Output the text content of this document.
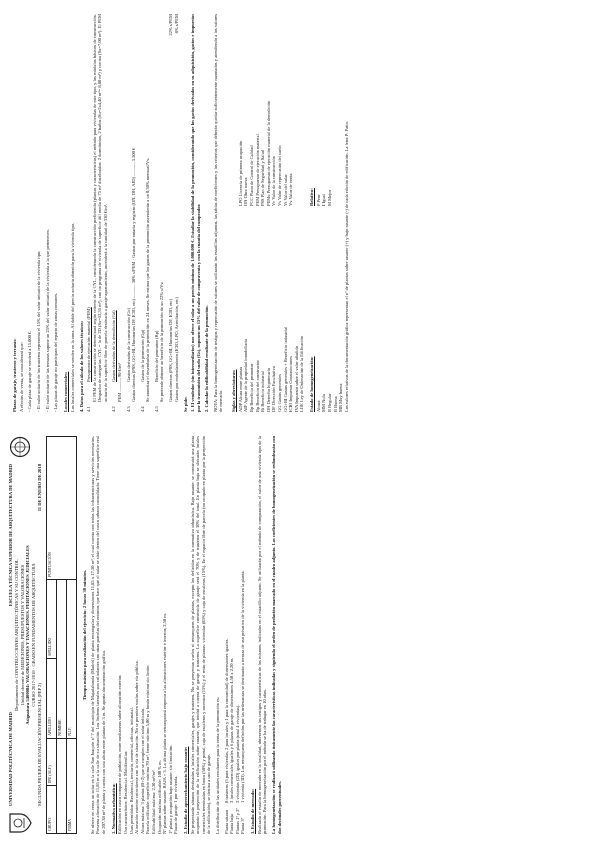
UNIVERSIDAD POLITÉCNICA DE MADRID
ESCUELA TÉCNICA SUPERIOR DE ARQUITECTURA DE MADRID
Departamento de CONSTRUCCIONES ARQUITECTÓNICAS Y SU CONTROL Unidad docente de MEDICIONES, PRESUPUESTOS Y VALORACIONES Asignatura 5400084: VALORACIONES Y TASACIONES. PERITACIONES JUDICIALES CURSO 2017-2018 · GRADO EN FUNDAMENTOS DE ARQUITECTURA
SEGUNDA PRUEBA DE EVALUACIÓN PRESENCIAL (PEP 2)
11 DE ENERO DE 2018
GRUPO	DNI (ALF.)	APELLIDO	APELLIDO	PUNTUACIÓN
		NOMBRE		
FIRMA		N.I.F.		
Tiempo máximo para realización del ejercicio: 2 horas 30 minutos. Se ofrece en venta un solar en la calle San Joaquín nº 7 del municipio de Majadahonda (Madrid) de planta rectangular y dimensiones 11,85 x 17,50 m², el cual cuenta con todas las infraestructuras y servicios necesarios. Presenta alineación de 11,85 m a la calle de su situación. Los linderos laterales son colindantes con otras parcelas del entorno, que hace que el solar se sitúe dentro del casco urbano consolidado. Tiene una superficie real de 207,38 m² de planta y cuenta con una altura entre plantas de 3 m. Se aporta documentación gráfica. 1. Normativa urbanística: Edificación en casco compacto de población, entre medianeras sobre alineación exterior. Uso característico: Residencial. Multifamiliar. Usos permitidos: Residencial, terciario, comercial, oficinas, industrial. Alineación exterior coincidente con la vía de situación. No se permiten vuelos sobre vía pública. Altura máxima: 3 plantas (B+2) que se cumplen con el solar indicado. Parcela edificable: superficie mínima 70 m², frente mínimo 5,00 m y fondo mínimo sin límite. Edificabilidad máxima: 2,30 m²/m². Ocupación máxima edificable: 100 % m. Nº plantas sobre rasante: BAJA + 3. La última planta se retranqueará respecto a las alineaciones exterior e interior, 2,50 m. 1ª planta y ocupación bajo rasante: sin limitación. Plazas de garaje: 1 por vivienda. 2. Estudio de aprovechamiento bajo rasante: Se proyectarán sótanos destinados a locales comerciales, garajes y trasteros. No se proyectan vuelos ni retranqueos de plantas, excepto los definidos en la normativa urbanística. Bajo rasante: se construirá una planta ocupando la proyección de la edificación sobre rasante, que tendrá a cuenta de garaje y trasteros. La superficie construida de garaje será el 70% y de trasteros el 30% del total. En planta baja se ubicarán locales comerciales terminados en bruto (50%) y portal, caja de escaleras y ascensor (15%) y el resto de plantas: viviendas (85%) y caja de escaleras (15%). En el espacio libre de parcela (no ocupado en planta por la proyección de la edificación), se destina a uso de garaje. La distribución de las unidades resultantes para la venta de la promoción es: Planta sótano 8 trasteros (5 para viviendas, 2 para locales y 1 para la comunidad) de dimensiones iguales.
Planta baja 2 locales comerciales iguales y 6 plazas de garaje de dimensiones 4,50 x 2,20 m.
Plantas 1ª y 2ª 2 viviendas (2D) iguales por planta (total 4 viviendas).
Planta 3ª 1 vivienda (3D). Los retranqueos definidos por las ordenanzas se destinarán a terraza de uso privativo de la vivienda en la planta.
3. Estudio de mercado: Realizado el estudio de mercado en la localidad, obtenemos los testigos y características de los mismos, indicados en el estadillo adjunto. Se utilizarán por el método de comparación, el valor de una vivienda tipo de la promoción. Para la homogeneización por el método se ha de trabajar en 10 años. La homogeneización se realizará utilizando únicamente las características indicadas y siguiendo el orden de prelación marcado en el cuadro adjunto. Los coeficientes de homogeneización se redondearán con dos decimales porcentuales.
Plazas de garaje, trasteros y terrazas: A efectos de venta, se considerará que: - Cada plaza de garaje se venderá a 15.000 €. - El valor unitario de los trasteros representa el 15% del valor unitario de la vivienda tipo. - El valor unitario de las terrazas supone un 25% del valor unitario de la vivienda a la que pertenecen. - Las plazas de garaje no participan del reparto de zonas comunes. Locales comerciales: Los locales comerciales se venden en la zona. Al doble del precio unitario obtenido para la vivienda tipo. 4. Datos para el cálculo de los valores técnicos: 4.1Presupuesto de ejecución material (PEM) El PEM de la construcción se determinará según criterio de la CYL, considerando la construcción prefiriendo (plantas y características) el método para viviendas de este tipo, y los módulos básicos de construcción. Despacho de categorías: CYL = la de 2D (Su=52,55 m²), con un programa de vivienda de superficie útil media de 75 m² distribuidos: 2 dormitorios, 2 baños (Su=2x4,40 m²= 8,80 m²) y cocina (Su=7,00 m²). El PEM unitario de la superficie libre de parcela destinada a garaje-aparcamiento, ascenderá a la cantidad de 330 €/m².
4.2Gastos derivados de la demolición (Gd)
PEM ............ 90 €/m²
4.3Gastos derivados de la construcción (Gc) Gastos directos (PSS, GG+BI, Honorarios DF, ICIO, etc) ............ 30% s/PEM · Gastos por notaría y registro (ON, DH, AJD) ............ 3.500 €
4.4Gastos de la promoción (Gp) Se amortiza el desembolso de la promoción en 24 meses. Se estima que los gastos de la promoción ascenderán a un 0,30% mensual/Vv.
4.5Beneficio del promotor (Bp) Se pretende obtener un beneficio de la promoción de un 22% s/Vv. Gastos directos (PSS, GG+BI, Honorarios DF, ICIO, etc)
22% s/PEM
Gastos por endeudamiento (ICIO, LPO, Acreditación, etc)
8% s/PEM
Se pide: 1. El vendedor (sin intermediarios) nos ofrece el solar a un precio mínimo de 1.000.000 €. Estudiar la viabilidad de la promoción, considerando que los gastos derivados en su adquisición, gastos e impuestos por la transmisión del suelo (Gs), suponen un 15% del valor de compraventa y con la cuantía del comprador. 2. Calcular la edificabilidad resultante de la promoción. NOTA: Para la homogeneización de testigos y repercusión de valores se utilizarán los estadillos adjuntos, las tablas de coeficientes y los criterios que deberán quedar suficientemente razonados y atendiendo a los valores de mercado. Siglas y abreviaturas: ADP Altura entre plantas AIF Agente de la propiedad inmobiliaria Bp Beneficio del promotor Bp Beneficio del constructor Bt Beneficio industrial DH Derecho hipotecario DF Dirección Facultativa GG Gastos generales GG+BI Gastos generales + Beneficio industrial ICIO Impuesto Construcciones IVA Impuesto sobre el valor añadido LOE Ley de Ordenación de la Edificación

LPO Licencia de primera ocupación ON Obra nueva PCC Plano de Control de Calidad PEM Presupuesto de ejecución material PSS Plan de Seguridad y Salud PEMu Presupuesto de ejecución material de la demolición Vc Valor de la construcción Vs Valor de repercusión del suelo Vt Valor del solar Vv Valor de venta
Estado de homogeneización: Altura MM Nula R Regular B Buena MB Muy buena
Relativo: P Peor I Igual M Mejor	Los valores relativos de la documentación gráfica representan el nº de plantas sobre rasante (+) y bajo rasante (-) de cada edición de edificación. La letra P: Patio.
